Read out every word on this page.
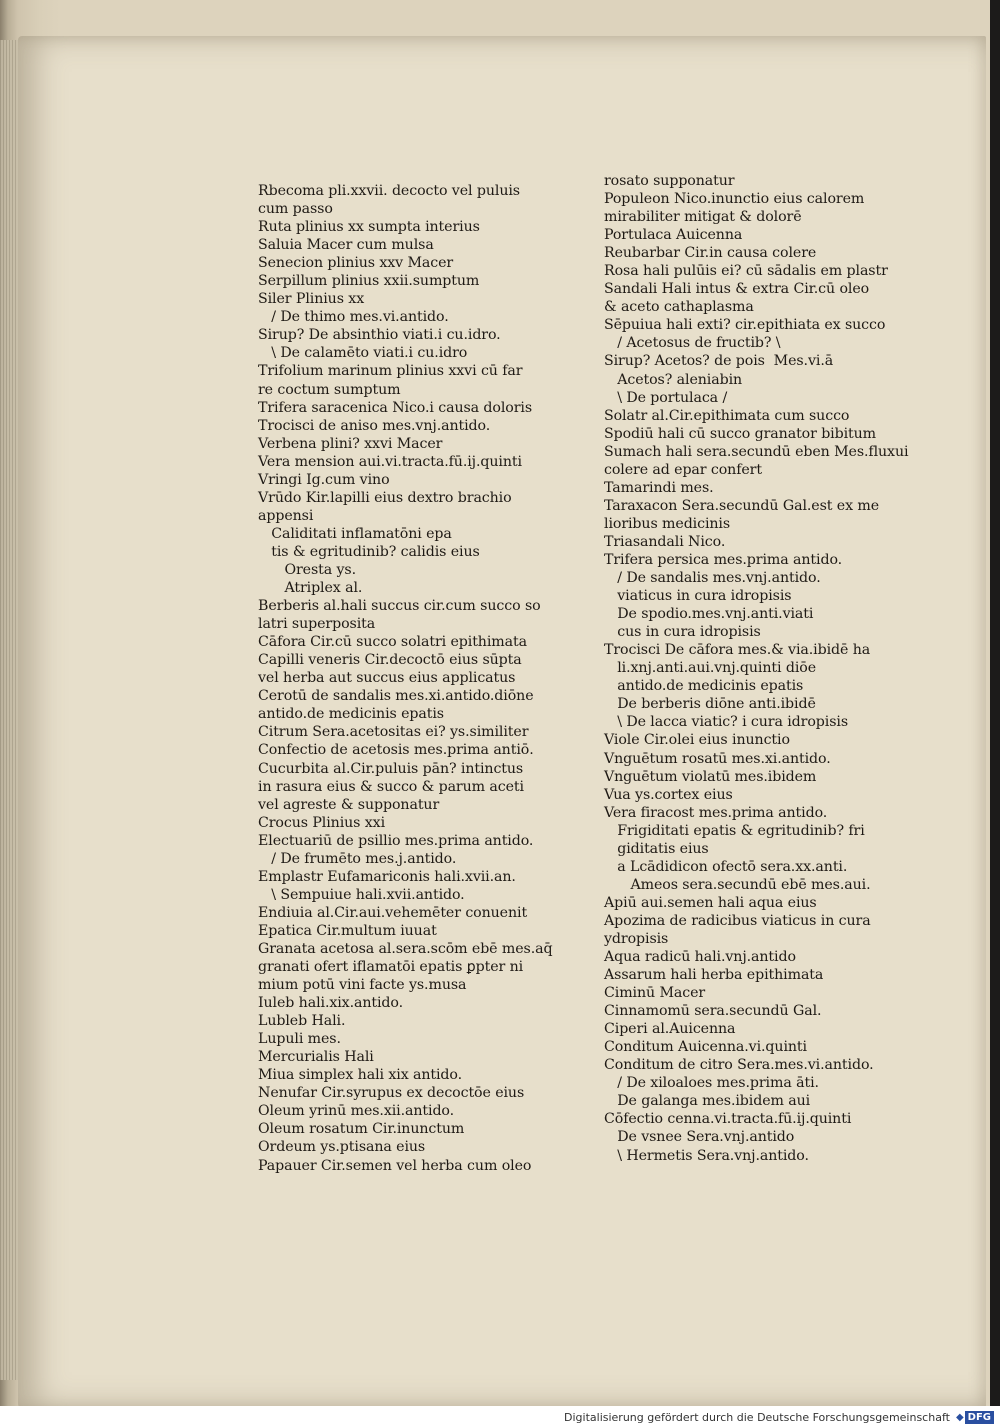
Rbecoma pli.xxvii. decocto vel puluis
cum passo
Ruta plinius xx sumpta interius
Saluia Macer cum mulsa
Senecion plinius xxv Macer
Serpillum plinius xxii.sumptum
Siler Plinius xx
/ De thimo mes.vi.antido.
Sirup? De absinthio viati.i cu.idro.
\ De calamēto viati.i cu.idro
Trifolium marinum plinius xxvi cū far
re coctum sumptum
Trifera saracenica Nico.i causa doloris
Trocisci de aniso mes.vnj.antido.
Verbena plini? xxvi Macer
Vera mension aui.vi.tracta.fū.ij.quinti
Vringi Ig.cum vino
Vrūdo Kir.lapilli eius dextro brachio
appensi
Caliditati inflamatōni epa
tis & egritudinib? calidis eius
Oresta ys.
Atriplex al.
Berberis al.hali succus cir.cum succo so
latri superposita
Cāfora Cir.cū succo solatri epithimata
Capilli veneris Cir.decoctō eius sūpta
vel herba aut succus eius applicatus
Cerotū de sandalis mes.xi.antido.diōne
antido.de medicinis epatis
Citrum Sera.acetositas ei? ys.similiter
Confectio de acetosis mes.prima antiō.
Cucurbita al.Cir.puluis pān? intinctus
in rasura eius & succo & parum aceti
vel agreste & supponatur
Crocus Plinius xxi
Electuariū de psillio mes.prima antido.
/ De frumēto mes.j.antido.
Emplastr Eufamariconis hali.xvii.an.
\ Sempuiue hali.xvii.antido.
Endiuia al.Cir.aui.vehemēter conuenit
Epatica Cir.multum iuuat
Granata acetosa al.sera.scōm ebē mes.aq̄
granati ofert iflamatōi epatis ꝑpter ni
mium potū vini facte ys.musa
Iuleb hali.xix.antido.
Lubleb Hali.
Lupuli mes.
Mercurialis Hali
Miua simplex hali xix antido.
Nenufar Cir.syrupus ex decoctōe eius
Oleum yrinū mes.xii.antido.
Oleum rosatum Cir.inunctum
Ordeum ys.ptisana eius
Papauer Cir.semen vel herba cum oleo
rosato supponatur
Populeon Nico.inunctio eius calorem
mirabiliter mitigat & dolorē
Portulaca Auicenna
Reubarbar Cir.in causa colere
Rosa hali pulūis ei? cū sādalis em plastr
Sandali Hali intus & extra Cir.cū oleo
& aceto cathaplasma
Sēpuiua hali exti? cir.epithiata ex succo
/ Acetosus de fructib? \
Sirup? Acetos? de pois  Mes.vi.ā
Acetos? aleniabin
\ De portulaca /
Solatr al.Cir.epithimata cum succo
Spodiū hali cū succo granator bibitum
Sumach hali sera.secundū eben Mes.fluxui
colere ad epar confert
Tamarindi mes.
Taraxacon Sera.secundū Gal.est ex me
lioribus medicinis
Triasandali Nico.
Trifera persica mes.prima antido.
/ De sandalis mes.vnj.antido.
viaticus in cura idropisis
De spodio.mes.vnj.anti.viati
cus in cura idropisis
Trocisci De cāfora mes.& via.ibidē ha
li.xnj.anti.aui.vnj.quinti diōe
antido.de medicinis epatis
De berberis diōne anti.ibidē
\ De lacca viatic? i cura idropisis
Viole Cir.olei eius inunctio
Vnguētum rosatū mes.xi.antido.
Vnguētum violatū mes.ibidem
Vua ys.cortex eius
Vera firacost mes.prima antido.
Frigiditati epatis & egritudinib? fri
giditatis eius
a Lcādidicon ofectō sera.xx.anti.
Ameos sera.secundū ebē mes.aui.
Apiū aui.semen hali aqua eius
Apozima de radicibus viaticus in cura
ydropisis
Aqua radicū hali.vnj.antido
Assarum hali herba epithimata
Ciminū Macer
Cinnamomū sera.secundū Gal.
Ciperi al.Auicenna
Conditum Auicenna.vi.quinti
Conditum de citro Sera.mes.vi.antido.
/ De xiloaloes mes.prima āti.
De galanga mes.ibidem aui
Cōfectio cenna.vi.tracta.fū.ij.quinti
De vsnee Sera.vnj.antido
\ Hermetis Sera.vnj.antido.
Digitalisierung gefördert durch die Deutsche Forschungsgemeinschaft ◆ DFG
